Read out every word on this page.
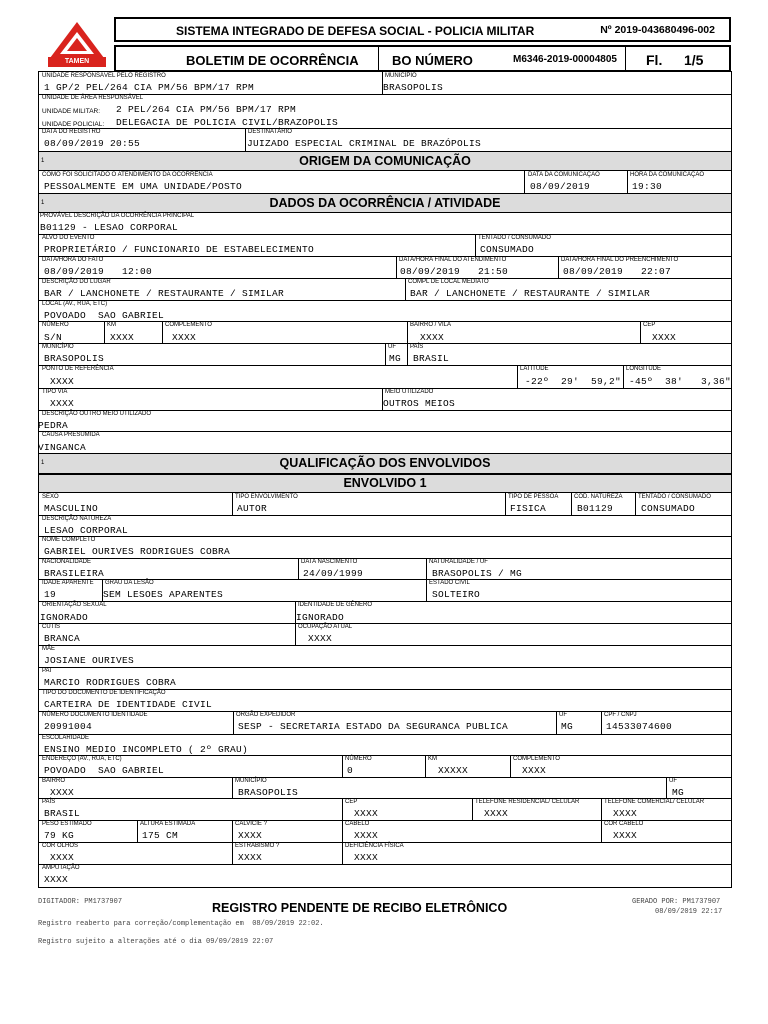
TAMEN
SISTEMA INTEGRADO DE DEFESA SOCIAL - POLICIA MILITAR	Nº 2019-043680496-002
BOLETIM DE OCORRÊNCIA	BO NÚMERO	M6346-2019-00004805 Fl. 1/5
UNIDADE RESPONSÁVEL PELO REGISTRO
1 GP/2 PEL/264 CIA PM/56 BPM/17 RPM
MUNICÍPIO
BRASOPOLIS
UNIDADE DE ÁREA RESPONSÁVEL
UNIDADE MILITAR: 2 PEL/264 CIA PM/56 BPM/17 RPM
UNIDADE POLICIAL: DELEGACIA DE POLICIA CIVIL/BRAZOPOLIS
DATA DO REGISTRO
08/09/2019 20:55
DESTINATÁRIO
JUIZADO ESPECIAL CRIMINAL DE BRAZÓPOLIS
1	ORIGEM DA COMUNICAÇÃO
COMO FOI SOLICITADO O ATENDIMENTO DA OCORRÊNCIA
PESSOALMENTE EM UMA UNIDADE/POSTO
DATA DA COMUNICAÇÃO
08/09/2019
HORA DA COMUNICAÇÃO
19:30
1	DADOS DA OCORRÊNCIA / ATIVIDADE
PROVÁVEL DESCRIÇÃO DA OCORRÊNCIA PRINCIPAL
B01129 - LESAO CORPORAL
ALVO DO EVENTO
PROPRIETÁRIO / FUNCIONARIO DE ESTABELECIMENTO
TENTADO / CONSUMADO
CONSUMADO
DATA/HORA DO FATO
08/09/2019   12:00
DATA/HORA FINAL DO ATENDIMENTO
08/09/2019   21:50
DATA/HORA FINAL DO PREENCHIMENTO
08/09/2019   22:07
DESCRIÇÃO DO LUGAR
BAR / LANCHONETE / RESTAURANTE / SIMILAR
COMPL DE LOCAL MEDIATO
BAR / LANCHONETE / RESTAURANTE / SIMILAR
LOCAL (AV., RUA, ETC)
POVOADO  SAO GABRIEL
NÚMERO
S/N
KM
XXXX
COMPLEMENTO
XXXX
BAIRRO / VILA
XXXX
CEP
XXXX
MUNICÍPIO
BRASOPOLIS
UF
MG
PAÍS
BRASIL
PONTO DE REFERÊNCIA
XXXX
LATITUDE
-22º  29'  59,2"
LONGITUDE
-45º  38'   3,36"
TIPO VIA
XXXX
MEIO UTILIZADO
OUTROS MEIOS
DESCRIÇÃO OUTRO MEIO UTILIZADO
PEDRA
CAUSA PRESUMIDA
VINGANCA
1	QUALIFICAÇÃO DOS ENVOLVIDOS
ENVOLVIDO 1
SEXO
MASCULINO
TIPO ENVOLVIMENTO
AUTOR
TIPO DE PESSOA
FISICA
COD. NATUREZA
B01129
TENTADO / CONSUMADO
CONSUMADO
DESCRIÇÃO NATUREZA
LESAO CORPORAL
NOME COMPLETO
GABRIEL OURIVES RODRIGUES COBRA
NACIONALIDADE
BRASILEIRA
DATA NASCIMENTO
24/09/1999
NATURALIDADE / UF
BRASOPOLIS / MG
IDADE APARENTE
19
GRAU DA LESÃO
SEM LESOES APARENTES
ESTADO CIVIL
SOLTEIRO
ORIENTAÇÃO SEXUAL
IGNORADO
IDENTIDADE DE GÊNERO
IGNORADO
CUTIS
BRANCA
OCUPAÇÃO ATUAL
XXXX
MÃE
JOSIANE OURIVES
PAI
MARCIO RODRIGUES COBRA
TIPO DO DOCUMENTO DE IDENTIFICAÇÃO
CARTEIRA DE IDENTIDADE CIVIL
NÚMERO DOCUMENTO IDENTIDADE
20991004
ORGÃO EXPEDIDOR
SESP - SECRETARIA ESTADO DA SEGURANCA PUBLICA
UF
MG
CPF / CNPJ
14533074600
ESCOLARIDADE
ENSINO MEDIO INCOMPLETO ( 2º GRAU)
ENDEREÇO (AV., RUA, ETC)
POVOADO  SAO GABRIEL
NÚMERO
0
KM
XXXXX
COMPLEMENTO
XXXX
BAIRRO
XXXX
MUNICÍPIO
BRASOPOLIS
UF
MG
PAÍS
BRASIL
CEP
XXXX
TELEFONE RESIDENCIAL/ CELULAR
XXXX
TELEFONE COMERCIAL/ CELULAR
XXXX
PESO ESTIMADO
79 KG
ALTURA ESTIMADA
175 CM
CALVICIE ?
XXXX
CABELO
XXXX
COR CABELO
XXXX
COR OLHOS
XXXX
ESTRABISMO ?
XXXX
DEFICIÊNCIA FÍSICA
XXXX
AMPUTAÇÃO
XXXX
DIGITADOR: PM1737907	REGISTRO PENDENTE DE RECIBO ELETRÔNICO	GERADO POR: PM1737907
08/09/2019 22:17
Registro reaberto para correção/complementação em  08/09/2019 22:02.
Registro sujeito a alterações até o dia 09/09/2019 22:07
